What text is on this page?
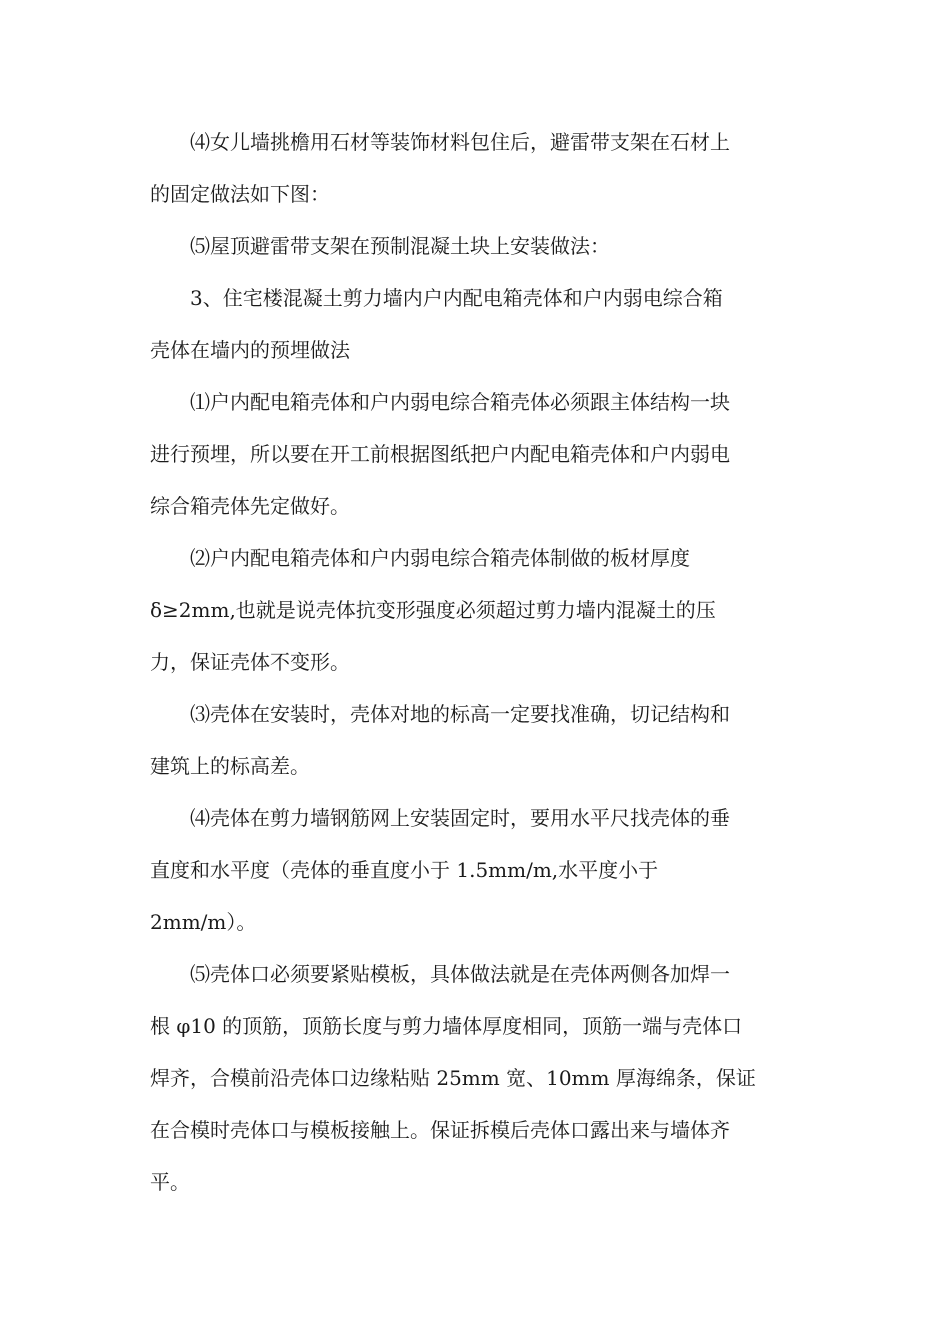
⑷女儿墙挑檐用石材等装饰材料包住后，避雷带支架在石材上
的固定做法如下图：

⑸屋顶避雷带支架在预制混凝土块上安装做法：

3、住宅楼混凝土剪力墙内户内配电箱壳体和户内弱电综合箱
壳体在墙内的预埋做法

⑴户内配电箱壳体和户内弱电综合箱壳体必须跟主体结构一块
进行预埋，所以要在开工前根据图纸把户内配电箱壳体和户内弱电
综合箱壳体先定做好。

⑵户内配电箱壳体和户内弱电综合箱壳体制做的板材厚度
δ≥2mm,也就是说壳体抗变形强度必须超过剪力墙内混凝土的压
力，保证壳体不变形。

⑶壳体在安装时，壳体对地的标高一定要找准确，切记结构和
建筑上的标高差。

⑷壳体在剪力墙钢筋网上安装固定时，要用水平尺找壳体的垂
直度和水平度（壳体的垂直度小于 1.5mm/m,水平度小于
2mm/m）。

⑸壳体口必须要紧贴模板，具体做法就是在壳体两侧各加焊一
根 φ10 的顶筋，顶筋长度与剪力墙体厚度相同，顶筋一端与壳体口
焊齐，合模前沿壳体口边缘粘贴 25mm 宽、10mm 厚海绵条，保证
在合模时壳体口与模板接触上。保证拆模后壳体口露出来与墙体齐
平。
